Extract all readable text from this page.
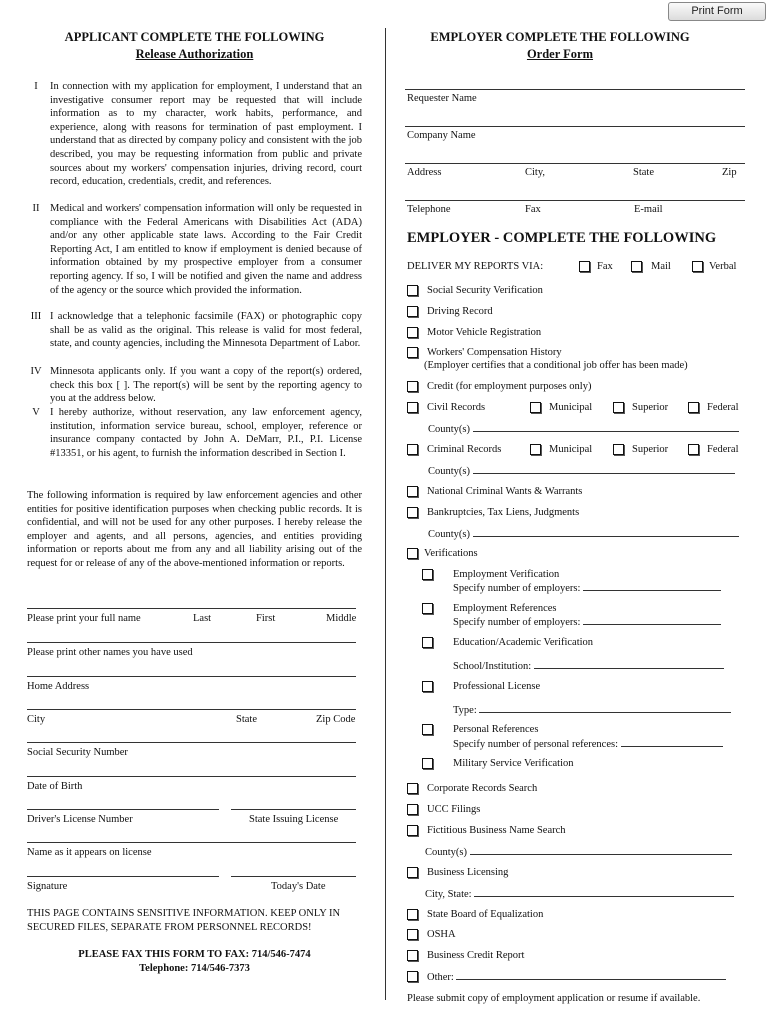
Print Form
APPLICANT COMPLETE THE FOLLOWING
Release Authorization
I	In connection with my application for employment, I understand that an investigative consumer report may be requested that will include information as to my character, work habits, performance, and experience, along with reasons for termination of past employment. I understand that as directed by company policy and consistent with the job described, you may be requesting information from public and private sources about my workers' compensation injuries, driving record, court record, education, credentials, credit, and references.
II	Medical and workers' compensation information will only be requested in compliance with the Federal Americans with Disabilities Act (ADA) and/or any other applicable state laws. According to the Fair Credit Reporting Act, I am entitled to know if employment is denied because of information obtained by my prospective employer from a consumer reporting agency. If so, I will be notified and given the name and address of the agency or the source which provided the information.
III I acknowledge that a telephonic facsimile (FAX) or photographic copy shall be as valid as the original. This release is valid for most federal, state, and county agencies, including the Minnesota Department of Labor.
IV Minnesota applicants only. If you want a copy of the report(s) ordered, check this box [ ]. The report(s) will be sent by the reporting agency to you at the address below.
V I hereby authorize, without reservation, any law enforcement agency, institution, information service bureau, school, employer, reference or insurance company contacted by John A. DeMarr, P.I., P.I. License #13351, or his agent, to furnish the information described in Section I.
The following information is required by law enforcement agencies and other entities for positive identification purposes when checking public records. It is confidential, and will not be used for any other purposes. I hereby release the employer and agents, and all persons, agencies, and entities providing information or reports about me from any and all liability arising out of the request for or release of any of the above-mentioned information or reports.
Please print your full name	Last	First	Middle
Please print other names you have used
Home Address
City	State	Zip Code
Social Security Number
Date of Birth
Driver's License Number	State Issuing License
Name as it appears on license
Signature	Today's Date
THIS PAGE CONTAINS SENSITIVE INFORMATION. KEEP ONLY IN SECURED FILES, SEPARATE FROM PERSONNEL RECORDS!
PLEASE FAX THIS FORM TO FAX: 714/546-7474
Telephone: 714/546-7373
EMPLOYER COMPLETE THE FOLLOWING
Order Form
Requester Name
Company Name
Address	City,	State	Zip
Telephone	Fax	E-mail
EMPLOYER - COMPLETE THE FOLLOWING
DELIVER MY REPORTS VIA:	Fax	Mail	Verbal
Social Security Verification
Driving Record
Motor Vehicle Registration
Workers' Compensation History
(Employer certifies that a conditional job offer has been made)
Credit (for employment purposes only)
Civil Records	Municipal	Superior	Federal
County(s)
Criminal Records	Municipal	Superior	Federal
County(s)
National Criminal Wants & Warrants
Bankruptcies, Tax Liens, Judgments
County(s)
Verifications
Employment Verification
Specify number of employers:
Employment References
Specify number of employers:
Education/Academic Verification
School/Institution:
Professional License
Type:
Personal References
Specify number of personal references:
Military Service Verification
Corporate Records Search
UCC Filings
Fictitious Business Name Search
County(s)
Business Licensing
City, State:
State Board of Equalization
OSHA
Business Credit Report
Other:
Please submit copy of employment application or resume if available.
